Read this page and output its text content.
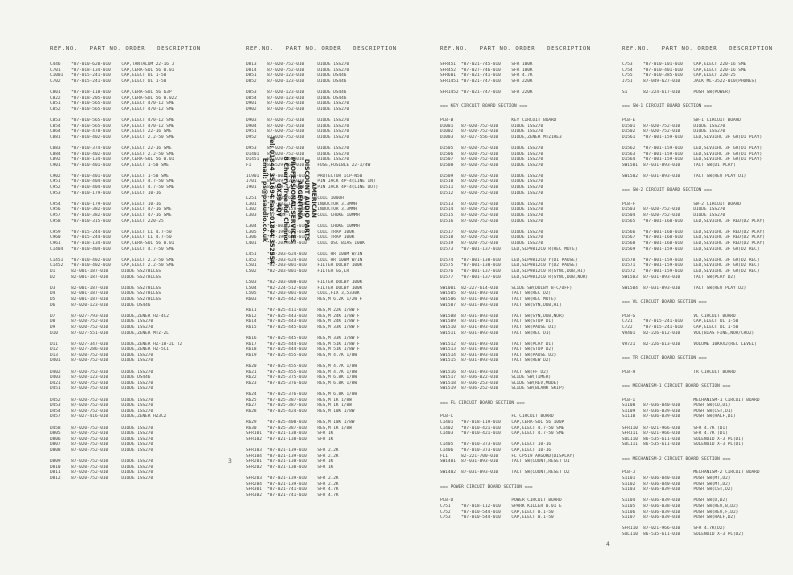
REF.NO.   PART NO. ORDER   DESCRIPTION	REF.NO.   PART NO. ORDER   DESCRIPTION	REF.NO.   PART NO. ORDER   DESCRIPTION	REF.NO.   PART NO. ORDER   DESCRIPTION
C446    *87-010-620-010    CAP,TANTALUM 22-16 J
C701    *87-018-134-010    CAP,CERA-SOL 56 0.01
C1001   *87-015-241-010    CAP,ELECT UL 1-50
C702    *87-015-241-010    CAP,ELECT UL 1-50
C801    *87-018-118-010    CAP,CERA-SOL 56 63P
C822    *87-018-205-010    CAP,CERA-SOL 56 0.022
C851    *87-010-565-010    CAP,ELECT 470-12 SME
C852    *87-010-565-010    CAP,ELECT 470-12 SME
C853    *87-010-565-010    CAP,ELECT 470-12 SME
C854    *87-010-565-010    CAP,ELECT 470-12 SME
C864    *87-010-470-010    CAP,ELECT 22-16 SME
C881    *87-010-402-010    CAP,ELECT 2.2-50 SME
C883    *87-010-374-010    CAP,ELECT 22-16 SME
C884    *87-010-402-010    CAP,ELECT 2.2-50 SME
C892    *87-018-134-010    CAP,CERA-SOL 56 0.01
C901    *87-010-401-010    CAP,ELECT 1-50 SME
C902    *87-010-401-010    CAP,ELECT 1-50 SME
C951    *87-010-404-010    CAP,ELECT 4.7-50 SME
C952    *87-010-404-010    CAP,ELECT 4.7-50 SME
C953    *87-010-179-010    CAP,ELECT 10-16
C954    *87-010-179-010    CAP,ELECT 10-16
C956    *87-010-382-010    CAP,ELECT 47-16 SME
C957    *87-010-382-010    CAP,ELECT 47-16 SME
C958    *87-010-315-010    CAP,ELECT 220-25
C959    *87-015-244-010    CAP,ELECT LL 4.7-50
C960    *87-015-244-010    CAP,ELECT LL 4.7-50
C961    *87-018-134-010    CAP,CERA-SOL 56 0.01
C1404   *87-010-404-010    CAP,ELECT 4.7-50 SME
C1451   *87-010-402-010    CAP,ELECT 2.2-50 SME
C1452   *87-010-402-010    CAP,ELECT 2.2-50 SME
D1      82-001-187-010     DIODE SS278LLGS
D2      82-001-187-010     DIODE SS278LLGS
D3      82-001-187-010     DIODE SS278LLGS
D4      82-001-187-010     DIODE SS278LLGS
D5      82-001-187-010     DIODE SS278LLGS
D6      87-020-123-010     DIODE DS446
D7      87-027-793-010     DIODE,ZENER HZ-4C2
D8      87-020-752-010     DIODE 1SS270
D9      87-020-752-010     DIODE 1SS270
D10     87-027-551-010     DIODE,ZENER MTZ-2L
D11     87-027-347-010     DIODE,ZENER HZ-18-2L T2
D12     87-027-286-010     DIODE,ZENER HZ-5C1
D13     87-020-752-010     DIODE 1SS270
D401    87-020-752-010     DIODE 1SS270
D402    87-020-752-010     DIODE 1SS270
D403    87-020-123-010     DIODE DS446
D421    87-020-752-010     DIODE 1SS270
D451    87-020-752-010     DIODE 1SS270
D452    87-020-752-010     DIODE 1SS270
D453    87-020-752-010     DIODE 1SS270
D454    87-020-752-010     DIODE 1SS270
D457    87-027-416-010     DIODE,ZENER HZ3C2
D458    87-020-752-010     DIODE 1SS270
D805    87-020-752-010     DIODE 1SS270
D806    87-020-752-010     DIODE 1SS270
D807    87-020-752-010     DIODE 1SS270
D808    87-020-752-010     DIODE 1SS270
D809    87-020-752-010     DIODE 1SS270
D810    87-020-752-010     DIODE 1SS270
D811    87-020-752-010     DIODE 1SS270
D812    87-020-752-010     DIODE 1SS270
D813    87-020-752-010     DIODE 1SS270
D814    87-020-752-010     DIODE 1SS270
D851    87-020-123-010     DIODE DS446
D852    87-020-123-010     DIODE DS446
D853    87-020-123-010     DIODE DS446
D854    87-020-123-010     DIODE DS446
D901    87-020-752-010     DIODE 1SS270
D902    87-020-752-010     DIODE 1SS270
D903    87-020-752-010     DIODE 1SS270
D904    87-020-752-010     DIODE 1SS270
D951    87-020-752-010     DIODE 1SS270
D952    87-020-752-010     DIODE 1SS270
D953    87-020-752-010     DIODE 1SS270
D1401   87-020-752-010     DIODE 1SS270
D1451   87-020-752-010     DIODE 1SS270
F1      87-529-060-010     FUSE,FUSIBLE 22-1/4W
IC901   *87-003-266-010    PROTECTOR ICP-N50
J701    87-049-422-010     PIN JACK 4P-4(LINE IN)
J901    87-049-420-010     PIN JACK 4P-4(LINE OUT)
L251    *87-005-621-010    COIL 100UH
L301    *87-003-128-010    INDUCTOR 3.3MMH
L302    *87-003-128-010    INDUCTOR 3.3MMH
L303    *87-003-131-010    COIL CHOKE 10MMH
L304    *87-003-131-010    COIL CHOKE 10MMH
L305    *82-199-603-010    COIL TRAP 100K
L306    *82-199-603-010    COIL TRAP 100K
L401    *82-203-623-010    COIL OSC BIAS 100K
L451    *82-203-624-010    COIL HR 100M W/IN
L452    *82-203-624-010    COIL HR 100M W/IN
L501    *82-203-001-010    FILTER DOLBY 100K
L502    *82-203-001-010    FILTER GG,LR
L503    *82-203-000-010    FILTER DOLBY 100K
L504    *82-224-512-010    FILTER DOLBY 100K
L505    *82-203-001-010    COIL,FIX 3,5330K
R603    *87-025-442-010    RES,M 6.2K 1/2W F
R611    *87-025-411-010    RES,M 22K 1/8W F
R612    *87-025-443-010    RES,M 24K 1/8W F
R614    *87-025-443-010    RES,M 24K 1/8W F
R615    *87-025-445-010    RES,M 33K 1/8W F
R616    *87-025-445-010    RES,M 33K 1/8W F
R617    *87-025-444-010    RES,M 51K 1/8W F
R618    *87-025-444-010    RES,M 51K 1/8W F
R619    *87-025-455-010    RES,M 4.7K 1/8W
R620    *87-025-455-010    RES,M 4.7K 1/8W
R621    *87-025-455-010    RES,M 4.7K 1/8W
R622    *87-025-375-010    RES,M 6.8K 1/8W
R623    *87-025-376-010    RES,M 6.8K 1/8W
R624    *87-025-376-010    RES,M 6.8K 1/8W
R625    *87-025-387-010    RES,M 1K 1/8W
R627    *87-025-387-010    RES,M 1K 1/8W
R628    *87-025-424-010    RES,M 10K 1/8W
R629    *87-025-408-010    RES,M 10K 1/8W
R630    *87-025-387-010    RES,M 1K 1/8W
SFR101  *87-021-138-010    SFR 1K
SFR102  *87-021-138-010    SFR 1K
SFR103  *87-021-139-010    SFR 2.2K
SFR104  *87-021-139-010    SFR 2.2K
SFR201  *87-021-138-010    SFR 1K
SFR202  *87-021-138-010    SFR 1K
SFR203  *87-021-139-010    SFR 2.2K
SFR204  *87-021-139-010    SFR 2.2K
SFR301  *87-021-741-010    SFR 4.7K
SFR302  *87-021-741-010    SFR 4.7K
SFR451  *87-021-745-010    SFR 100K
SFR452  *87-027-746-010    SFR 100K
SFR601  *87-021-741-010    SFR 4.7K
SFR1451 *87-021-747-010    SFR 220K
SFR1452 *87-021-747-010    SFR 220K
=== KEY CIRCUIT BOARD SECTION ===
PCB-B                      KEY CIRCUIT BOARD
D1001   87-020-752-010     DIODE 1SS270
D1002   87-020-752-010     DIODE 1SS270
D1003   87-027-556-010     DIODE,ZENER MTZ1RE3
D1505   87-020-752-010     DIODE 1SS270
D1506   87-020-752-010     DIODE 1SS270
D1507   87-020-752-010     DIODE 1SS270
D1508   87-020-752-010     DIODE 1SS270
D1509   87-020-752-010     DIODE 1SS270
D1510   87-020-752-010     DIODE 1SS270
D1511   87-020-752-010     DIODE 1SS270
D1512   87-020-752-010     DIODE 1SS270
D1513   87-020-752-010     DIODE 1SS270
D1514   87-020-752-010     DIODE 1SS270
D1515   87-020-752-010     DIODE 1SS270
D1516   87-020-752-010     DIODE 1SS270
D1517   87-020-752-010     DIODE 1SS270
D1518   87-020-752-010     DIODE 1SS270
D1519   87-020-752-010     DIODE 1SS270
D1573   *87-001-137-010    LED,SLP9812C0 R(REC MUTE)
D1574   *87-001-138-010    LED,SLP9812C0 Y(D1 PAUSE)
D1575   *87-001-138-010    LED,SLP9812C0 Y(D2 PAUSE)
D1576   *87-001-137-010    LED,SLP9812C0 R(SYNC,DUB,HI)
D1577   *87-001-137-010    LED,SLP9812C0 R(SYNC,DUB,NOR)
SW1001  82-227-614-010     SLIDE SW(DOLBY B-C/OFF)
SW1505  87-031-893-010     TACT SW(REC D2)
SW1506  87-031-893-010     TACT SW(REC MUTE)
SW1507  87-031-893-010     TACT SW(SYN,DUB,HI)
SW1508  87-031-893-010     TACT SW(SYN,DUB,NOR)
SW1509  87-031-893-010     TACT SW(STOP D1)
SW1510  87-031-893-010     TACT SW(PAUSE D1)
SW1511  87-031-893-010     TACT SW(REC D1)
SW1512  87-031-893-010     TACT SW(PLAY D1)
SW1513  87-031-893-010     TACT SW(STOP D2)
SW1514  87-031-893-010     TACT SW(PAUSE D2)
SW1515  87-031-893-010     TACT SW(REW D2)
SW1516  87-031-893-010     TACT SW(FF D2)
SW1517  87-036-022-010     SLIDE SW(TIMER)
SW1518  87-036-253-010     SLIDE SW(REV,MODE)
SW1519  87-036-252-010     SLIDE SW(BLANK SKIP)
=== FL CIRCUIT BOARD SECTION ===
PCB-C                      FL CIRCUIT BOARD
C1401   *87-018-119-010    CAP,CERA-SOL 56 100P
C1402   *87-010-421-010    CAP,ELECT 4.7-50 SME
C1403   *87-010-421-010    CAP,ELECT 4.7-50 SME
C1405   *87-010-373-010    CAP,ELECT 10-16
C1406   *87-010-373-010    CAP,ELECT 10-16
FL1     82-221-700-010     FL CP519 ARGORD(DISPLAY)
SW1401  87-031-893-010     TACT SW(COUNT,RESET D1
SW1402  87-031-893-010     TACT SW(COUNT,RESET D2
=== POWER CIRCUIT BOARD SECTION ===
PCB-D                      POWER CIRCUIT BOARD
C751    *87-018-112-010    SPARK KILLER 0.01 E
C752    *87-010-544-010    CAP,ELECT 0.1-50
C753    *87-010-544-010    CAP,ELECT 0.1-50
C753    *87-010-101-010    CAP,ELECT 220-16 SME
C754    *87-010-401-010    CAP,ELECT 220-16 SME
C755    *87-010-385-010    CAP,ELECT 220-25
J751    87-049-627-010     JACK ML-3522-010(PHONES)
S1      82-224-617-010     PUSH SW(POWER)
=== SW-1 CIRCUIT BOARD SECTION ===
PCB-E                      SW-1 CIRCUIT BOARD
D1501   87-020-752-010     DIODE 1SS270
D1502   87-020-752-010     DIODE 1SS270
D1561   *87-001-159-010    LED,SLV31HC 3F GR(D1 PLAY)
D1562   *87-001-159-010    LED,SLV31HC 3F GR(D1 PLAY)
D1563   *87-001-159-010    LED,SLV31HC 3F GR(D1 PLAY)
D1564   *87-001-159-010    LED,SLV31HC 3F GR(D1 PLAY)
SW1501  87-031-893-010     TACT SW(D1 PLAY)
SW1502  87-031-893-010     TACT SW(REV PLAY D1)
=== SW-2 CIRCUIT BOARD SECTION ===
PCB-F                      SW-2 CIRCUIT BOARD
D1503   87-020-752-010     DIODE 1SS270
D1504   87-020-752-010     DIODE 1SS270
D1565   *87-001-160-010    LED,SLV31HC 3F RED(D2 PLAY)
D1566   *87-001-160-010    LED,SLV31HC 3F RED(D2 PLAY)
D1567   *87-001-160-010    LED,SLV31HC 3F RED(D2 PLAY)
D1568   *87-001-160-010    LED,SLV31HC 3F RED(D2 PLAY)
D1569   *87-001-159-010    LED,SLV31HC 3F GR(D2 REC)
D1570   *87-001-159-010    LED,SLV31HC 3F GR(D2 REC)
D1571   *87-001-159-010    LED,SLV31HC 3F GR(D2 REC)
D1572   *87-001-159-010    LED,SLV31HC 3F GR(D2 REC)
SW1503  87-031-893-010     TACT SW(PLAY D2)
SW1504  87-031-893-010     TACT SW(REV PLAY D2)
=== VL CIRCUIT BOARD SECTION ===
PCB-G                      VL CIRCUIT BOARD
C721    *87-015-241-010    CAP,ELECT UL 1-50
C722    *87-015-241-010    CAP,ELECT UL 1-50
VR401   82-226-612-010     VOL(BIAS FINE,NOR/CRO2)
VR721   82-226-613-010     VOLUME 10KAX2(REC LEVEL)
=== TR CIRCUIT BOARD SECTION ===
PCB-H                      TR CIRCUIT BOARD
=== MECHANISM-1 CIRCUIT BOARD SECTION ===
PCB-I                      MECHANISM-1 CIRCUIT BOARD
S1108   87-036-040-010     PUSH SW(CD,D1)
S1109   87-036-039-010     PUSH SW(CST,D1)
S1110   87-036-039-010     PUSH SW(HALF,D1)
SFR110  87-021-966-010     SFR 4.7K (D1)
SFR111  87-021-966-010     SFR 4.7K (D1)
SOL110  86-535-611-010     SOLENOID X-3 PL(D1)
SOL111  86-535-611-010     SOLENOID X-3 PL(D1)
=== MECHANISM-2 CIRCUIT BOARD SECTION ===
PCB-J                      MECHANISM-2 CIRCUIT BOARD
S1101   87-036-040-010     PUSH SW(MT,D2)
S1102   87-036-040-010     PUSH SW(MT,D2)
S1103   87-036-039-010     PUSH SW(CST,D2)
S1104   87-036-039-010     PUSH SW(D,D2)
S1105   87-036-038-010     PUSH SW(REV,B,D2)
S1106   87-036-039-010     PUSH SW(REV,F,D2)
S1107   87-036-039-010     PUSH SW(HALF,D2)
SFR110  87-021-966-010     SFR 4.7K(D2)
SOL110  86-535-611-010     SOLENOID X-3 PL(D2)
AMERICAN
DISCOUNT AUDIO PARTS
ARGENTINA
PROFESSIONAL SERVICES
8 Cherry Tree Rd, Chinnor
OX39 4QY
Tel: 01844 351694 Fax: 01844 352554
Email: ps@psaudio.co.uk
3
4
